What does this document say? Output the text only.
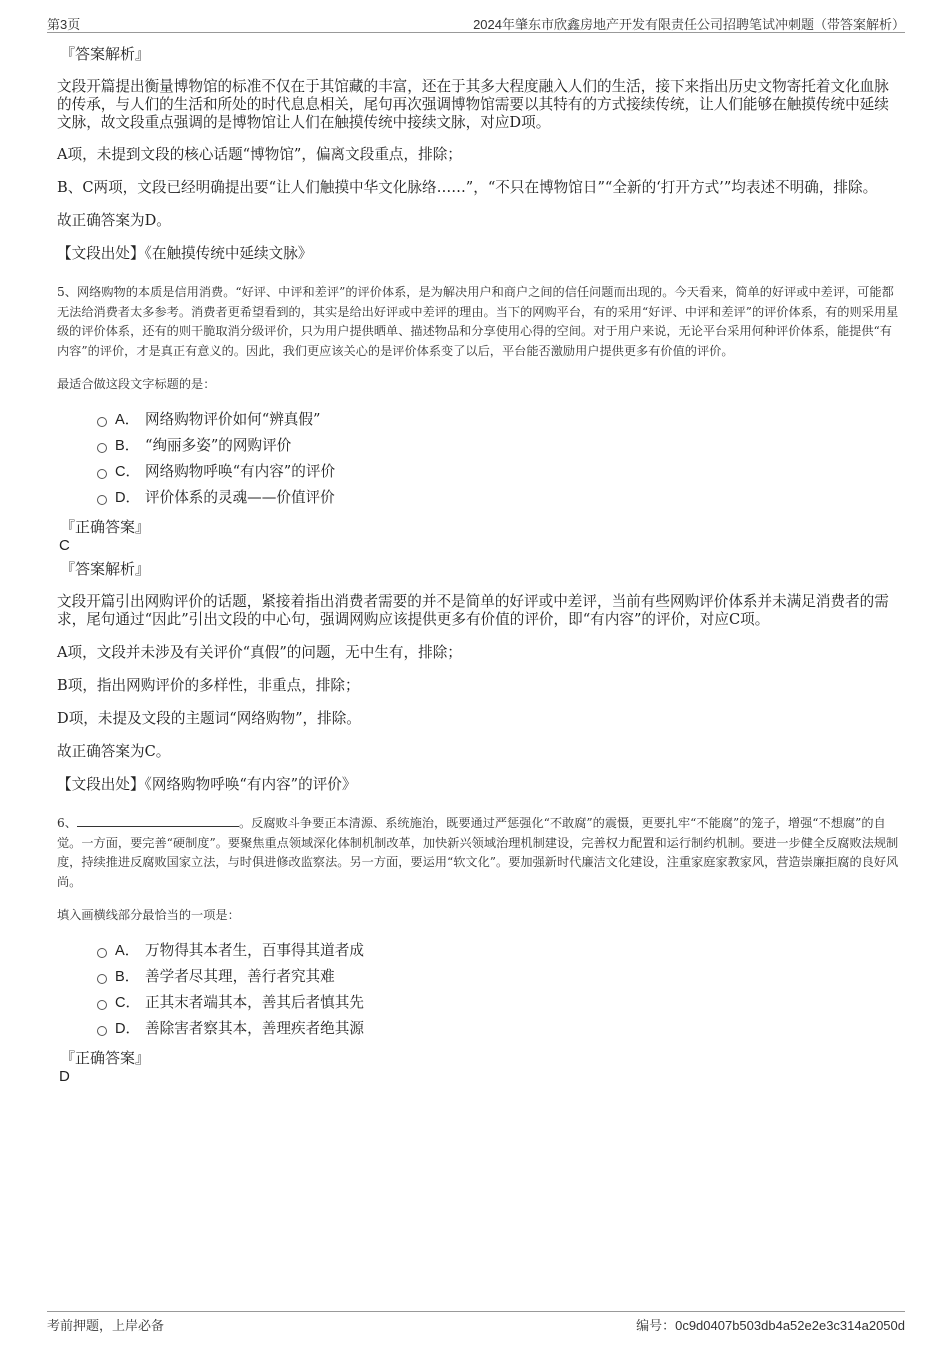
第3页	2024年肇东市欣鑫房地产开发有限责任公司招聘笔试冲刺题（带答案解析）
『答案解析』

文段开篇提出衡量博物馆的标准不仅在于其馆藏的丰富，还在于其多大程度融入人们的生活，接下来指出历史文物寄托着文化血脉的传承，与人们的生活和所处的时代息息相关，尾句再次强调博物馆需要以其特有的方式接续传统，让人们能够在触摸传统中延续文脉，故文段重点强调的是博物馆让人们在触摸传统中接续文脉，对应D项。

A项，未提到文段的核心话题“博物馆”，偏离文段重点，排除；

B、C两项，文段已经明确提出要“让人们触摸中华文化脉络……”，“不只在博物馆日”“全新的‘打开方式’”均表述不明确，排除。

故正确答案为D。

【文段出处】《在触摸传统中延续文脉》

5、网络购物的本质是信用消费。“好评、中评和差评”的评价体系，是为解决用户和商户之间的信任问题而出现的。今天看来，简单的好评或中差评，可能都无法给消费者太多参考。消费者更希望看到的，其实是给出好评或中差评的理由。当下的网购平台，有的采用“好评、中评和差评”的评价体系，有的则采用星级的评价体系，还有的则干脆取消分级评价，只为用户提供晒单、描述物品和分享使用心得的空间。对于用户来说，无论平台采用何种评价体系，能提供“有内容”的评价，才是真正有意义的。因此，我们更应该关心的是评价体系变了以后，平台能否激励用户提供更多有价值的评价。

最适合做这段文字标题的是：

A． 网络购物评价如何“辨真假”
B． “绚丽多姿”的网购评价
C． 网络购物呼唤“有内容”的评价
D． 评价体系的灵魂——价值评价
『正确答案』
C
『答案解析』

文段开篇引出网购评价的话题，紧接着指出消费者需要的并不是简单的好评或中差评，当前有些网购评价体系并未满足消费者的需求，尾句通过“因此”引出文段的中心句，强调网购应该提供更多有价值的评价，即“有内容”的评价，对应C项。

A项，文段并未涉及有关评价“真假”的问题，无中生有，排除；

B项，指出网购评价的多样性，非重点，排除；

D项，未提及文段的主题词“网络购物”，排除。

故正确答案为C。

【文段出处】《网络购物呼唤“有内容”的评价》

6、	。反腐败斗争要正本清源、系统施治，既要通过严惩强化“不敢腐”的震慑，更要扎牢“不能腐”的笼子，增强“不想腐”的自觉。一方面，要完善“硬制度”。要聚焦重点领域深化体制机制改革，加快新兴领域治理机制建设，完善权力配置和运行制约机制。要进一步健全反腐败法规制度，持续推进反腐败国家立法，与时俱进修改监察法。另一方面，要运用“软文化”。要加强新时代廉洁文化建设，注重家庭家教家风，营造崇廉拒腐的良好风尚。

填入画横线部分最恰当的一项是：

A． 万物得其本者生，百事得其道者成
B． 善学者尽其理，善行者究其难
C． 正其末者端其本，善其后者慎其先
D． 善除害者察其本，善理疾者绝其源
『正确答案』
D
考前押题，上岸必备	编号：0c9d0407b503db4a52e2e3c314a2050d
